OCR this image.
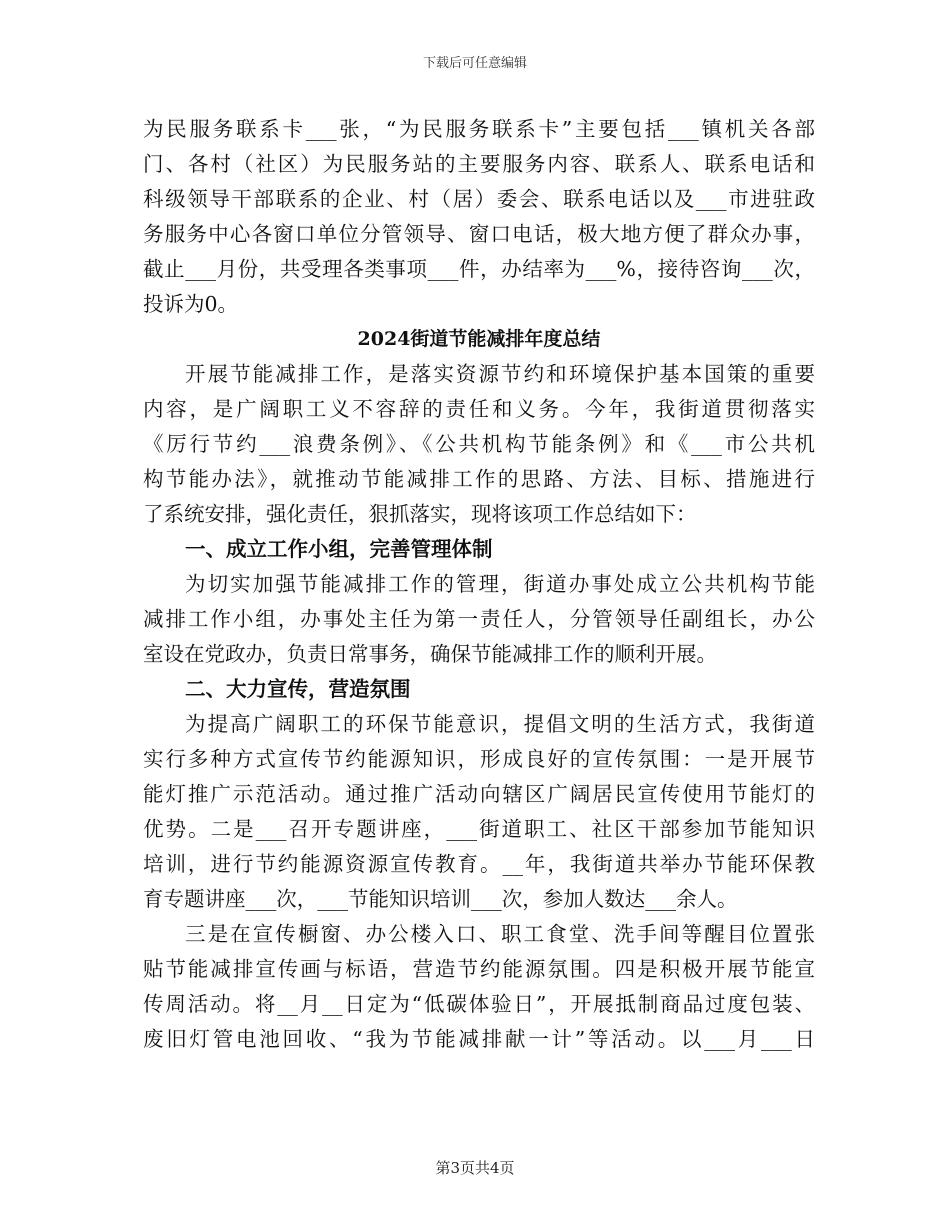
下载后可任意编辑
为民服务联系卡___张，“为民服务联系卡”主要包括___镇机关各部
门、各村（社区）为民服务站的主要服务内容、联系人、联系电话和
科级领导干部联系的企业、村（居）委会、联系电话以及___市进驻政
务服务中心各窗口单位分管领导、窗口电话，极大地方便了群众办事，
截止___月份，共受理各类事项___件，办结率为___%，接待咨询___次，
投诉为0。
2024街道节能减排年度总结
开展节能减排工作，是落实资源节约和环境保护基本国策的重要
内容，是广阔职工义不容辞的责任和义务。今年，我街道贯彻落实
《厉行节约___浪费条例》、《公共机构节能条例》和《___市公共机
构节能办法》，就推动节能减排工作的思路、方法、目标、措施进行
了系统安排，强化责任，狠抓落实，现将该项工作总结如下：
一、成立工作小组，完善管理体制
为切实加强节能减排工作的管理，街道办事处成立公共机构节能
减排工作小组，办事处主任为第一责任人，分管领导任副组长，办公
室设在党政办，负责日常事务，确保节能减排工作的顺利开展。
二、大力宣传，营造氛围
为提高广阔职工的环保节能意识，提倡文明的生活方式，我街道
实行多种方式宣传节约能源知识，形成良好的宣传氛围：一是开展节
能灯推广示范活动。通过推广活动向辖区广阔居民宣传使用节能灯的
优势。二是___召开专题讲座，___街道职工、社区干部参加节能知识
培训，进行节约能源资源宣传教育。__年，我街道共举办节能环保教
育专题讲座___次，___节能知识培训___次，参加人数达___余人。
三是在宣传橱窗、办公楼入口、职工食堂、洗手间等醒目位置张
贴节能减排宣传画与标语，营造节约能源氛围。四是积极开展节能宣
传周活动。将__月__日定为“低碳体验日”，开展抵制商品过度包装、
废旧灯管电池回收、“我为节能减排献一计”等活动。以___月___日
第3页共4页
